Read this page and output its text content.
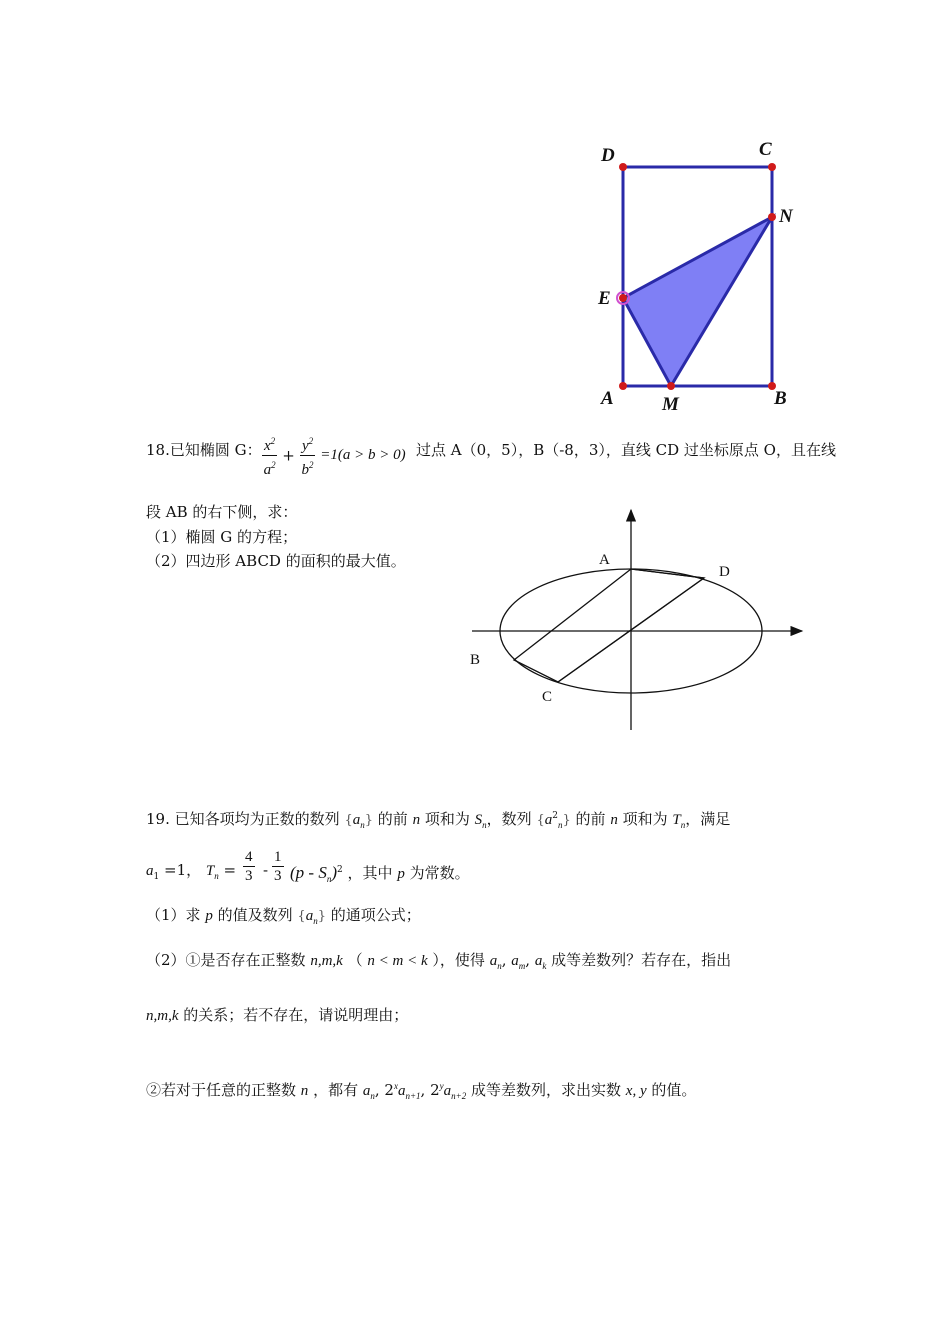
D	C
N
E
A	M	B
18.已知椭圆 G： $\frac{x^2}{a^2} + \frac{y^2}{b^2} =1(a > b > 0)$ 过点 A（0，5），B（-8，3），直线 CD 过坐标原点 O，且在线
段 AB 的右下侧，求：
（1）椭圆 G 的方程；
（2）四边形 ABCD 的面积的最大值。	A
D
B
C
19. 已知各项均为正数的数列 $\{a_n\}$ 的前 n 项和为 $S_n$，数列 $\{a^2_n\}$ 的前 n 项和为 $T_n$，满足
$a_1 =1$， $T_n = \frac{4}{3} - \frac{1}{3} (p - S_n)^2$ ，其中 p 为常数。
（1）求 p 的值及数列 $\{a_n\}$ 的通项公式；
（2）①是否存在正整数 n,m,k （ n < m < k ），使得 $a_n$, $a_m$, $a_k$ 成等差数列？若存在，指出
n,m,k 的关系；若不存在，请说明理由；
②若对于任意的正整数 n ，都有 $a_n$, $2^xa_{n+1}$, $2^ya_{n+2}$ 成等差数列，求出实数 x, y 的值。
